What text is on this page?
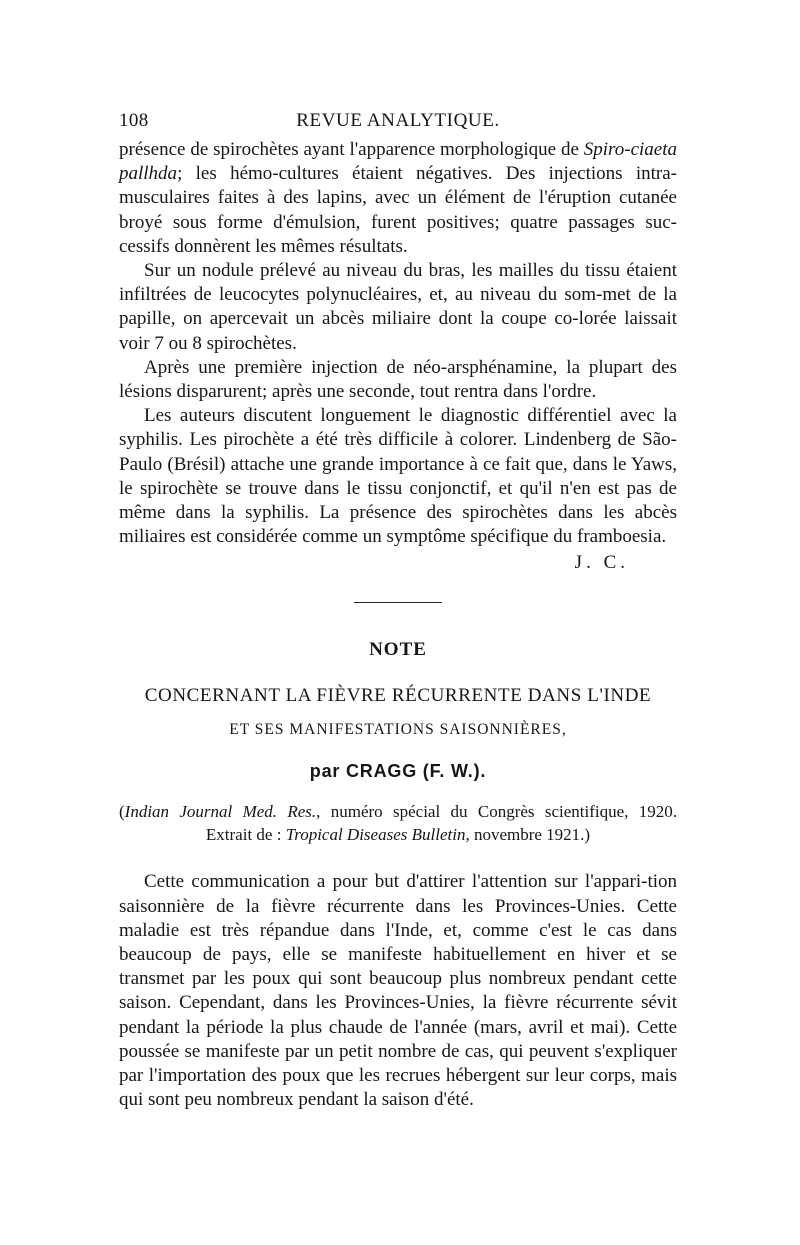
108	REVUE ANALYTIQUE.

présence de spirochètes ayant l'apparence morphologique de Spiro-ciaeta pallhda; les hémo-cultures étaient négatives. Des injections intra-musculaires faites à des lapins, avec un élément de l'éruption cutanée broyé sous forme d'émulsion, furent positives; quatre passages suc-cessifs donnèrent les mêmes résultats.

Sur un nodule prélevé au niveau du bras, les mailles du tissu étaient infiltrées de leucocytes polynucléaires, et, au niveau du som-met de la papille, on apercevait un abcès miliaire dont la coupe co-lorée laissait voir 7 ou 8 spirochètes.

Après une première injection de néo-arsphénamine, la plupart des lésions disparurent; après une seconde, tout rentra dans l'ordre.

Les auteurs discutent longuement le diagnostic différentiel avec la syphilis. Les pirochète a été très difficile à colorer. Lindenberg de São-Paulo (Brésil) attache une grande importance à ce fait que, dans le Yaws, le spirochète se trouve dans le tissu conjonctif, et qu'il n'en est pas de même dans la syphilis. La présence des spirochètes dans les abcès miliaires est considérée comme un symptôme spécifique du framboesia.

J. C.
NOTE
CONCERNANT LA FIÈVRE RÉCURRENTE DANS L'INDE
ET SES MANIFESTATIONS SAISONNIÈRES,
par CRAGG (F. W.).
(Indian Journal Med. Res., numéro spécial du Congrès scientifique, 1920.
Extrait de : Tropical Diseases Bulletin, novembre 1921.)

Cette communication a pour but d'attirer l'attention sur l'appari-tion saisonnière de la fièvre récurrente dans les Provinces-Unies. Cette maladie est très répandue dans l'Inde, et, comme c'est le cas dans beaucoup de pays, elle se manifeste habituellement en hiver et se transmet par les poux qui sont beaucoup plus nombreux pendant cette saison. Cependant, dans les Provinces-Unies, la fièvre récurrente sévit pendant la période la plus chaude de l'année (mars, avril et mai). Cette poussée se manifeste par un petit nombre de cas, qui peuvent s'expliquer par l'importation des poux que les recrues hébergent sur leur corps, mais qui sont peu nombreux pendant la saison d'été.
